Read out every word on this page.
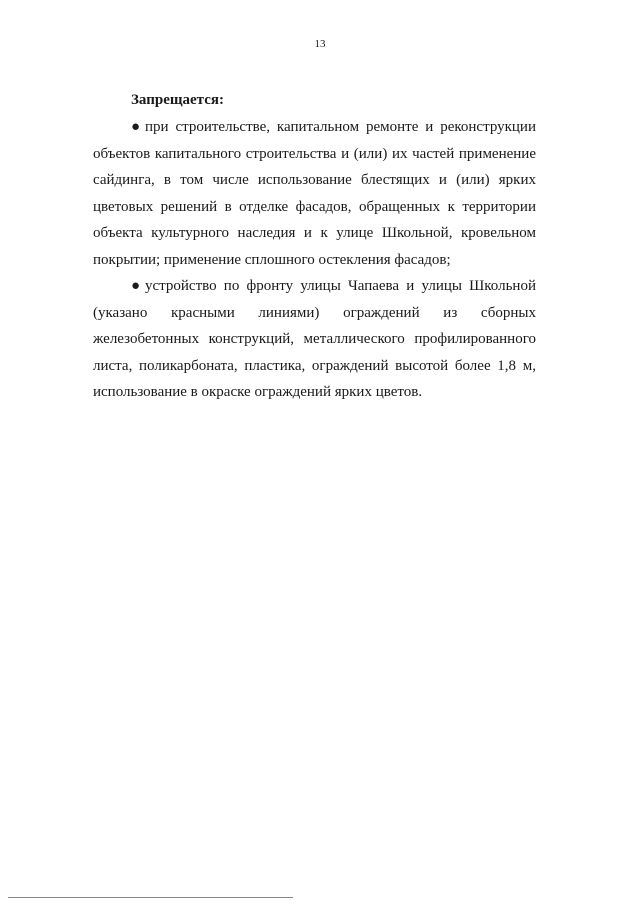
13
Запрещается:

● при строительстве, капитальном ремонте и реконструкции объектов капитального строительства и (или) их частей применение сайдинга, в том числе использование блестящих и (или) ярких цветовых решений в отделке фасадов, обращенных к территории объекта культурного наследия и к улице Школьной, кровельном покрытии; применение сплошного остекления фасадов;

● устройство по фронту улицы Чапаева и улицы Школьной (указано красными линиями) ограждений из сборных железобетонных конструкций, металлического профилированного листа, поликарбоната, пластика, ограждений высотой более 1,8 м, использование в окраске ограждений ярких цветов.
